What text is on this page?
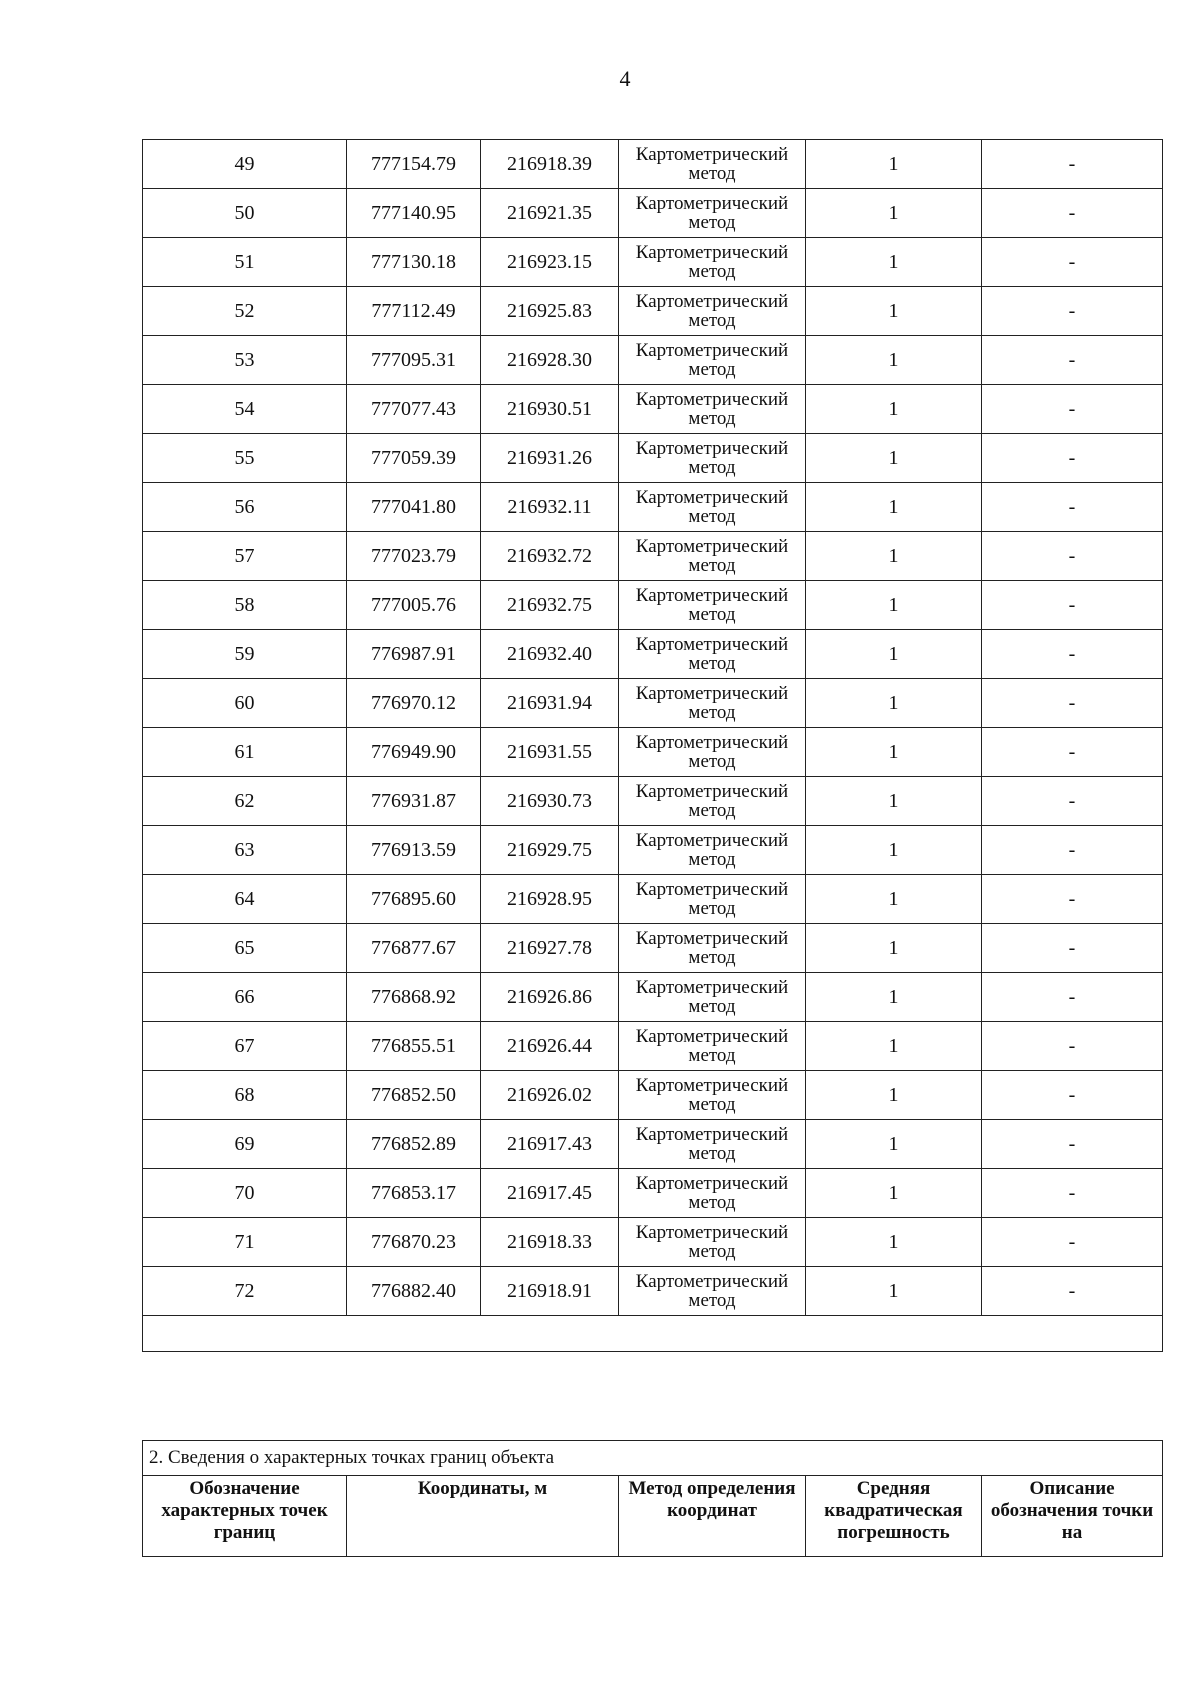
4
49	777154.79	216918.39	Картометрический метод	1	-
50	777140.95	216921.35	Картометрический метод	1	-
51	777130.18	216923.15	Картометрический метод	1	-
52	777112.49	216925.83	Картометрический метод	1	-
53	777095.31	216928.30	Картометрический метод	1	-
54	777077.43	216930.51	Картометрический метод	1	-
55	777059.39	216931.26	Картометрический метод	1	-
56	777041.80	216932.11	Картометрический метод	1	-
57	777023.79	216932.72	Картометрический метод	1	-
58	777005.76	216932.75	Картометрический метод	1	-
59	776987.91	216932.40	Картометрический метод	1	-
60	776970.12	216931.94	Картометрический метод	1	-
61	776949.90	216931.55	Картометрический метод	1	-
62	776931.87	216930.73	Картометрический метод	1	-
63	776913.59	216929.75	Картометрический метод	1	-
64	776895.60	216928.95	Картометрический метод	1	-
65	776877.67	216927.78	Картометрический метод	1	-
66	776868.92	216926.86	Картометрический метод	1	-
67	776855.51	216926.44	Картометрический метод	1	-
68	776852.50	216926.02	Картометрический метод	1	-
69	776852.89	216917.43	Картометрический метод	1	-
70	776853.17	216917.45	Картометрический метод	1	-
71	776870.23	216918.33	Картометрический метод	1	-
72	776882.40	216918.91	Картометрический метод	1	-

2. Сведения о характерных точках границ объекта
Обозначение характерных точек границ	Координаты, м	Метод определения координат	Средняя квадратическая погрешность	Описание обозначения точки на
